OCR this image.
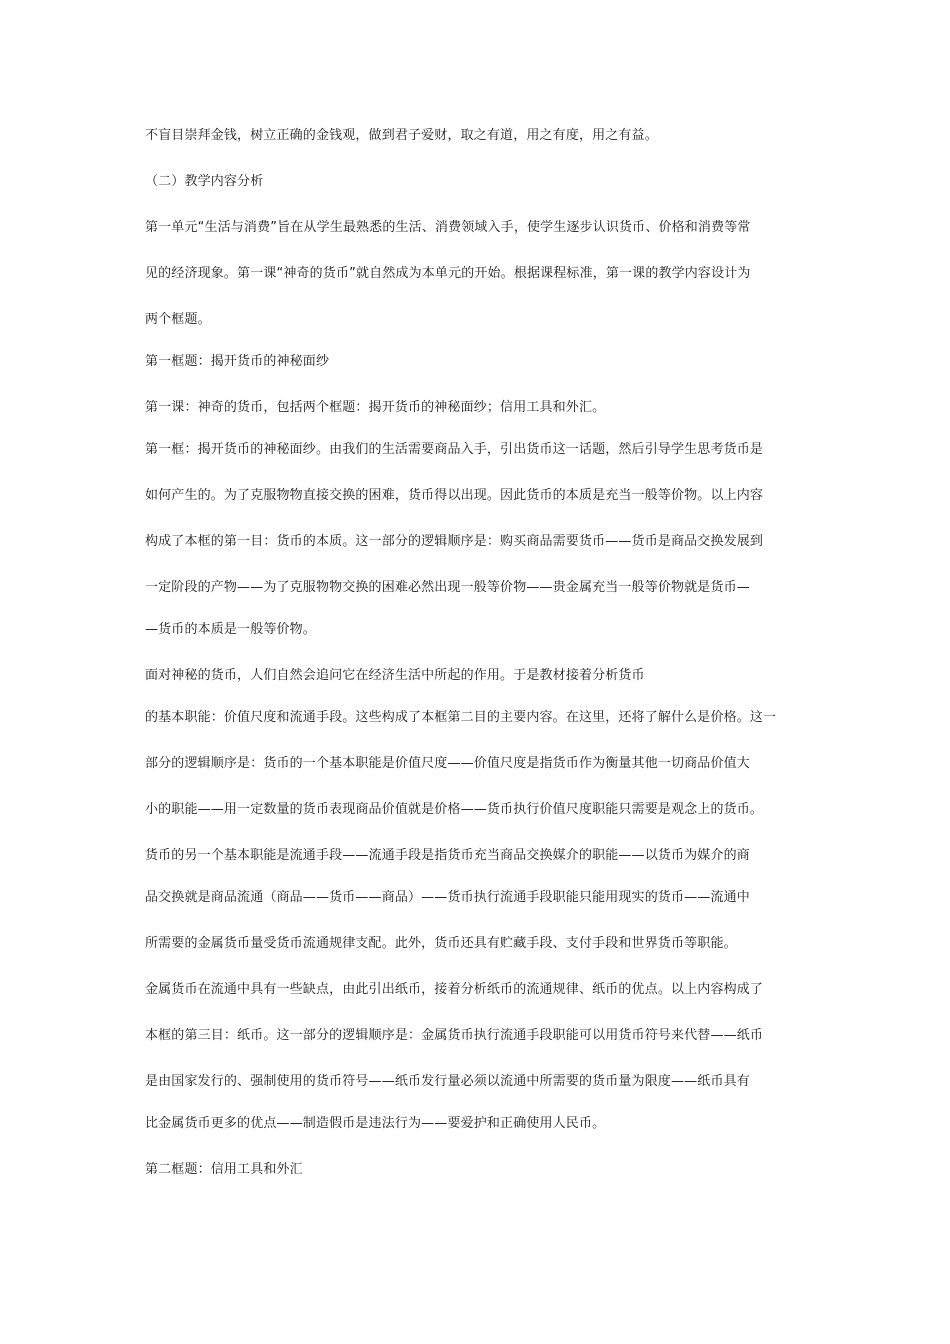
不盲目崇拜金钱，树立正确的金钱观，做到君子爱财，取之有道，用之有度，用之有益。
（二）教学内容分析
第一单元“生活与消费”旨在从学生最熟悉的生活、消费领域入手，使学生逐步认识货币、价格和消费等常
见的经济现象。第一课“神奇的货币”就自然成为本单元的开始。根据课程标准，第一课的教学内容设计为
两个框题。
第一框题：揭开货币的神秘面纱
第一课：神奇的货币，包括两个框题：揭开货币的神秘面纱；信用工具和外汇。
第一框：揭开货币的神秘面纱。由我们的生活需要商品入手，引出货币这一话题，然后引导学生思考货币是
如何产生的。为了克服物物直接交换的困难，货币得以出现。因此货币的本质是充当一般等价物。以上内容
构成了本框的第一目：货币的本质。这一部分的逻辑顺序是：购买商品需要货币——货币是商品交换发展到
一定阶段的产物——为了克服物物交换的困难必然出现一般等价物——贵金属充当一般等价物就是货币—
—货币的本质是一般等价物。
面对神秘的货币，人们自然会追问它在经济生活中所起的作用。于是教材接着分析货币
的基本职能：价值尺度和流通手段。这些构成了本框第二目的主要内容。在这里，还将了解什么是价格。这一
部分的逻辑顺序是：货币的一个基本职能是价值尺度——价值尺度是指货币作为衡量其他一切商品价值大
小的职能——用一定数量的货币表现商品价值就是价格——货币执行价值尺度职能只需要是观念上的货币。
货币的另一个基本职能是流通手段——流通手段是指货币充当商品交换媒介的职能——以货币为媒介的商
品交换就是商品流通（商品——货币——商品）——货币执行流通手段职能只能用现实的货币——流通中
所需要的金属货币量受货币流通规律支配。此外，货币还具有贮藏手段、支付手段和世界货币等职能。
金属货币在流通中具有一些缺点，由此引出纸币，接着分析纸币的流通规律、纸币的优点。以上内容构成了
本框的第三目：纸币。这一部分的逻辑顺序是：金属货币执行流通手段职能可以用货币符号来代替——纸币
是由国家发行的、强制使用的货币符号——纸币发行量必须以流通中所需要的货币量为限度——纸币具有
比金属货币更多的优点——制造假币是违法行为——要爱护和正确使用人民币。
第二框题：信用工具和外汇
